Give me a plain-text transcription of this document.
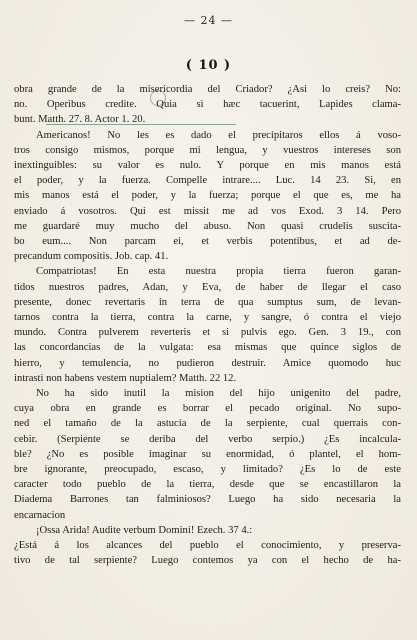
— 24 —
( 10 )
obra grande de la misericordia del Criador? ¿Asi lo creis? No:
no. Operibus credite. Quia si hæc tacuerint, Lapides clama-
bunt. Matth. 27. 8. Actor 1. 20.
Americanos! No les es dado el precipitaros ellos á voso-
tros consigo mismos, porque mi lengua, y vuestros intereses son
inextinguibles: su valor es nulo. Y porque en mis manos está
el poder, y la fuerza. Compelle intrare.... Luc. 14 23. Si, en
mis manos está el poder, y la fuerza; porque el que es, me ha
enviado á vosotros. Qui est missit me ad vos Exod. 3 14. Pero
me guardaré muy mucho del abuso. Non quasi crudelis suscita-
bo eum.... Non parcam ei, et verbis potentibus, et ad de-
precandum compositis. Job. cap. 41.
Compatriotas! En esta nuestra propia tierra fueron garan-
tidos nuestros padres, Adan, y Eva, de haber de llegar el caso
presente, donec revertaris in terra de qua sumptus sum, de levan-
tarnos contra la tierra, contra la carne, y sangre, ó contra el viejo
mundo. Contra pulverem reverteris et si pulvis ego. Gen. 3 19., con
las concordancias de la vulgata: esa mismas que quince siglos de
hierro, y temulencia, no pudieron destruir. Amice quomodo huc
intrasti non habens vestem nuptialem? Matth. 22 12.
No ha sido inutil la mision del hijo unigenito del padre,
cuya obra en grande es borrar el pecado original. No supo-
ned el tamaño de la astucia de la serpiente, cual querrais con-
cebir. (Serpiente se deriba del verbo serpio.) ¿Es incalcula-
ble? ¿No es posible imaginar su enormidad, ó plantel, el hom-
bre ignorante, preocupado, escaso, y limitado? ¿Es lo de este
caracter todo pueblo de la tierra, desde que se encastillaron la
Diadema Barrones tan falminiosos? Luego ha sido necesaria la
encarnacion
¡Ossa Arida! Audite verbum Domini! Ezech. 37 4.:
¿Está á los alcances del pueblo el conocimiento, y preserva-
tivo de tal serpiente? Luego contemos ya con el hecho de ha-
